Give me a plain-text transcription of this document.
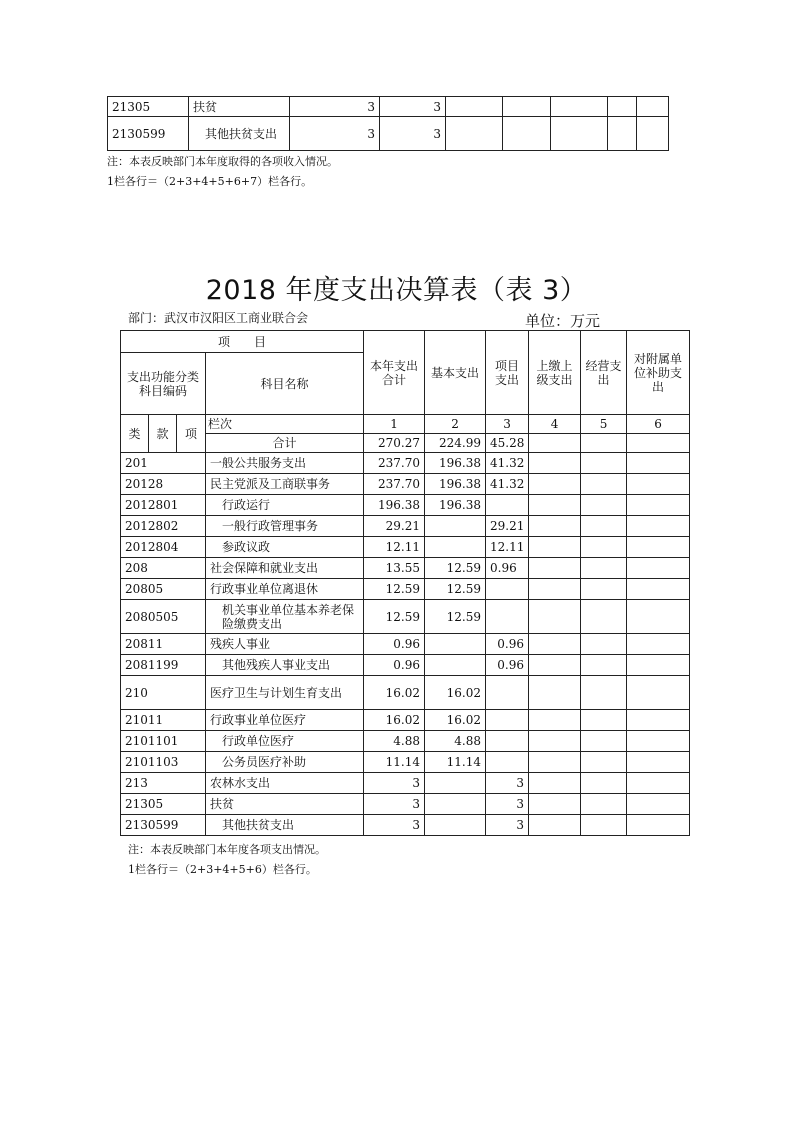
21305	扶贫	3	3					
2130599	其他扶贫支出	3	3					
注：本表反映部门本年度取得的各项收入情况。
1栏各行＝（2+3+4+5+6+7）栏各行。
2018 年度支出决算表（表 3）
部门：武汉市汉阳区工商业联合会	单位：万元
项　　目				本年支出合计	基本支出	项目支出	上缴上级支出	经营支出	对附属单位补助支出
支出功能分类科目编码			科目名称						

类	款	项	栏次	1	2	3	4	5	6
			合计	270.27	224.99	45.28			
201			一般公共服务支出	237.70	196.38	41.32			
20128			民主党派及工商联事务	237.70	196.38	41.32			
2012801			行政运行	196.38	196.38				
2012802			一般行政管理事务	29.21		29.21			
2012804			参政议政	12.11		12.11			
208			社会保障和就业支出	13.55	12.59	0.96			
20805			行政事业单位离退休	12.59	12.59				
2080505			机关事业单位基本养老保险缴费支出	12.59	12.59				
20811			残疾人事业	0.96		0.96			
2081199			其他残疾人事业支出	0.96		0.96			
210			医疗卫生与计划生育支出	16.02	16.02				
21011			行政事业单位医疗	16.02	16.02				
2101101			行政单位医疗	4.88	4.88				
2101103			公务员医疗补助	11.14	11.14				
213			农林水支出	3		3			
21305			扶贫	3		3			
2130599			其他扶贫支出	3		3			
注：本表反映部门本年度各项支出情况。
1栏各行＝（2+3+4+5+6）栏各行。
